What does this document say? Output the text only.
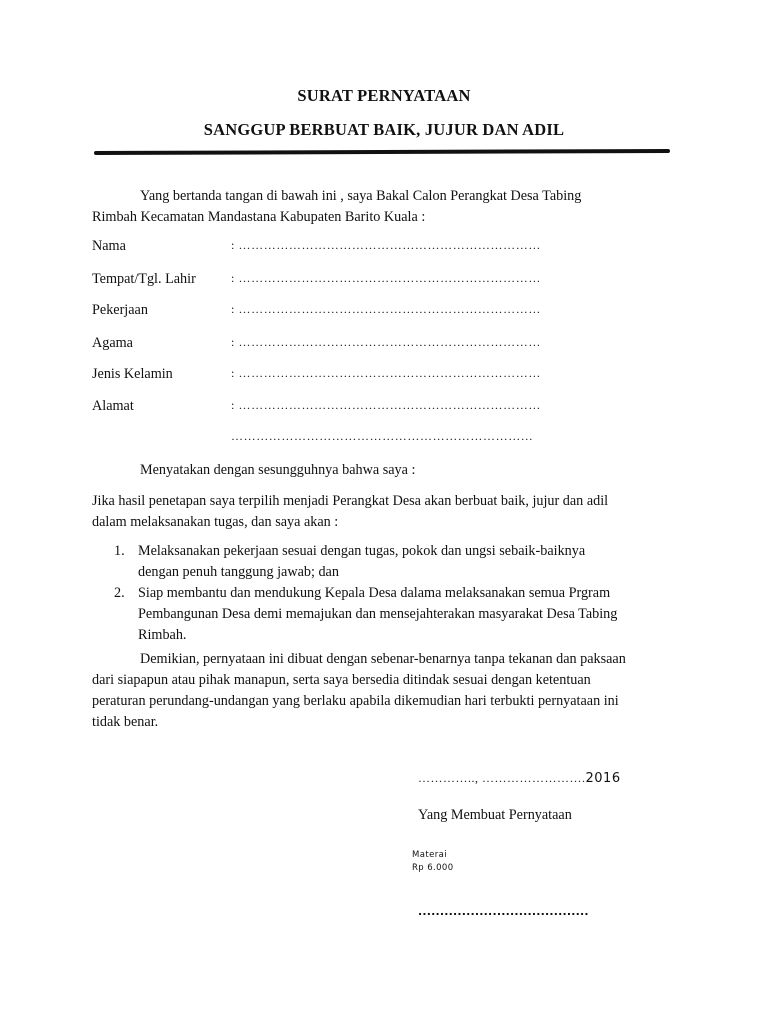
SURAT PERNYATAAN
SANGGUP BERBUAT BAIK, JUJUR DAN ADIL
Yang bertanda tangan di bawah ini , saya Bakal Calon Perangkat Desa Tabing
Rimbah Kecamatan Mandastana Kabupaten Barito Kuala :
Nama	: ………………………………………………………………
Tempat/Tgl. Lahir	: ………………………………………………………………
Pekerjaan	: ………………………………………………………………
Agama	: ………………………………………………………………
Jenis Kelamin	: ………………………………………………………………
Alamat	: ………………………………………………………………
………………………………………………………………
Menyatakan dengan sesungguhnya bahwa saya :
Jika hasil penetapan saya terpilih menjadi Perangkat Desa akan berbuat baik, jujur dan adil
dalam melaksanakan tugas, dan saya akan :
1. Melaksanakan pekerjaan sesuai dengan tugas, pokok dan ungsi sebaik-baiknya
dengan penuh tanggung jawab; dan
2. Siap membantu dan mendukung Kepala Desa dalama melaksanakan semua Prgram
Pembangunan Desa demi memajukan dan mensejahterakan masyarakat Desa Tabing
Rimbah.
Demikian, pernyataan ini dibuat dengan sebenar-benarnya tanpa tekanan dan paksaan
dari siapapun atau pihak manapun, serta saya bersedia ditindak sesuai dengan ketentuan
peraturan perundang-undangan yang berlaku apabila dikemudian hari terbukti pernyataan ini
tidak benar.
………….., …………………….2016
Yang Membuat Pernyataan
Materai
Rp 6.000
.......................................
